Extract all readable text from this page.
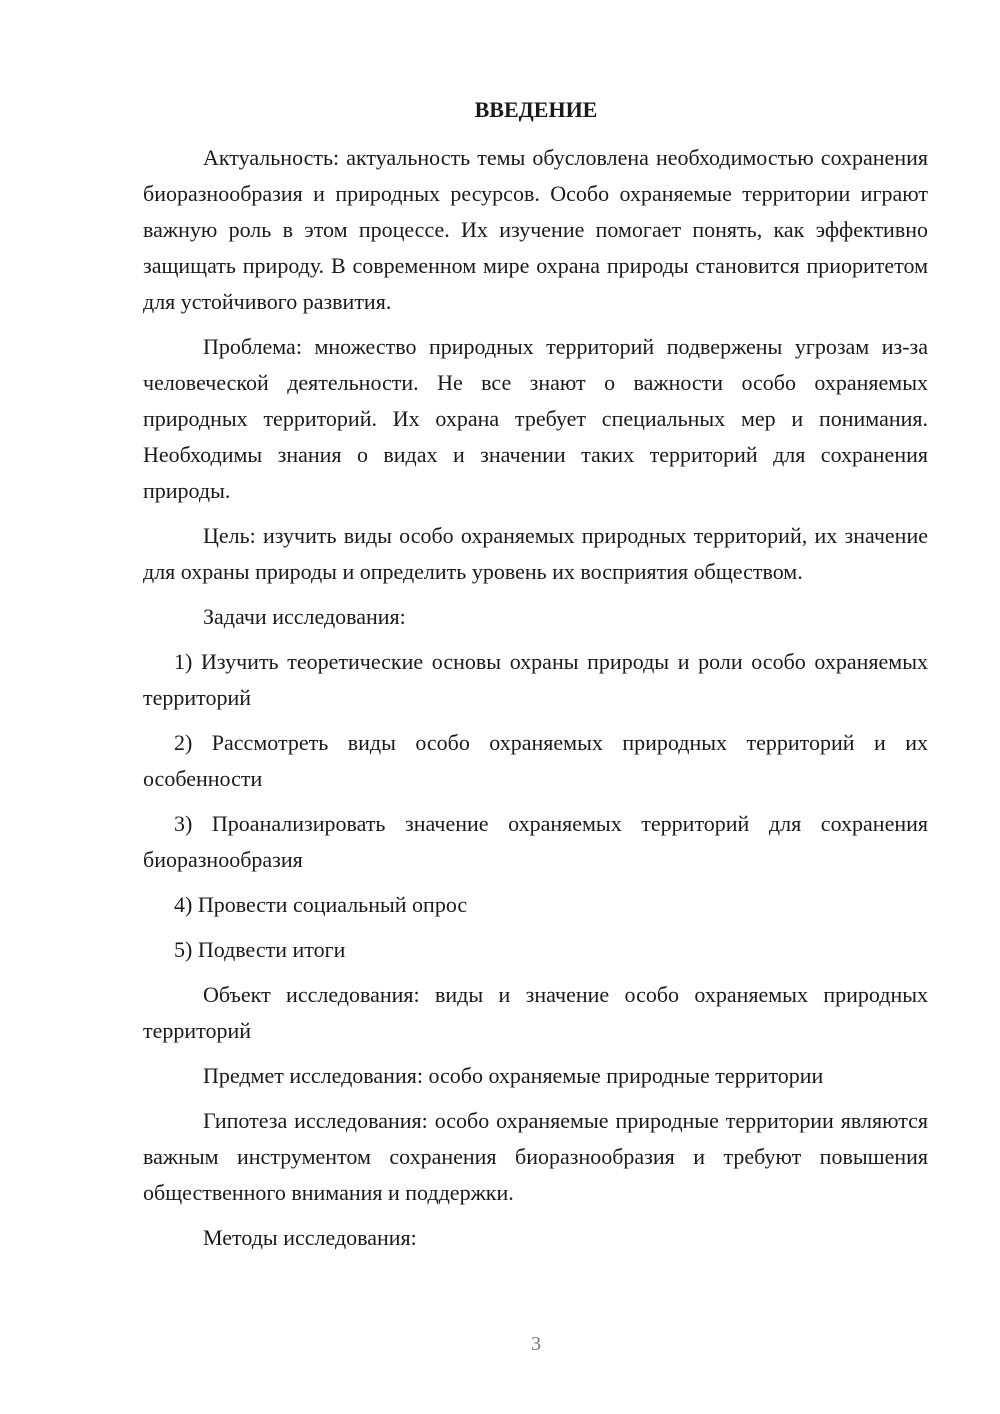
ВВЕДЕНИЕ

Актуальность: актуальность темы обусловлена необходимостью сохранения биоразнообразия и природных ресурсов. Особо охраняемые территории играют важную роль в этом процессе. Их изучение помогает понять, как эффективно защищать природу. В современном мире охрана природы становится приоритетом для устойчивого развития.

Проблема: множество природных территорий подвержены угрозам из-за человеческой деятельности. Не все знают о важности особо охраняемых природных территорий. Их охрана требует специальных мер и понимания. Необходимы знания о видах и значении таких территорий для сохранения природы.

Цель: изучить виды особо охраняемых природных территорий, их значение для охраны природы и определить уровень их восприятия обществом.

Задачи исследования:

1) Изучить теоретические основы охраны природы и роли особо охраняемых территорий

2) Рассмотреть виды особо охраняемых природных территорий и их особенности

3) Проанализировать значение охраняемых территорий для сохранения биоразнообразия

4) Провести социальный опрос

5) Подвести итоги

Объект исследования: виды и значение особо охраняемых природных территорий

Предмет исследования: особо охраняемые природные территории

Гипотеза исследования: особо охраняемые природные территории являются важным инструментом сохранения биоразнообразия и требуют повышения общественного внимания и поддержки.

Методы исследования:

3
